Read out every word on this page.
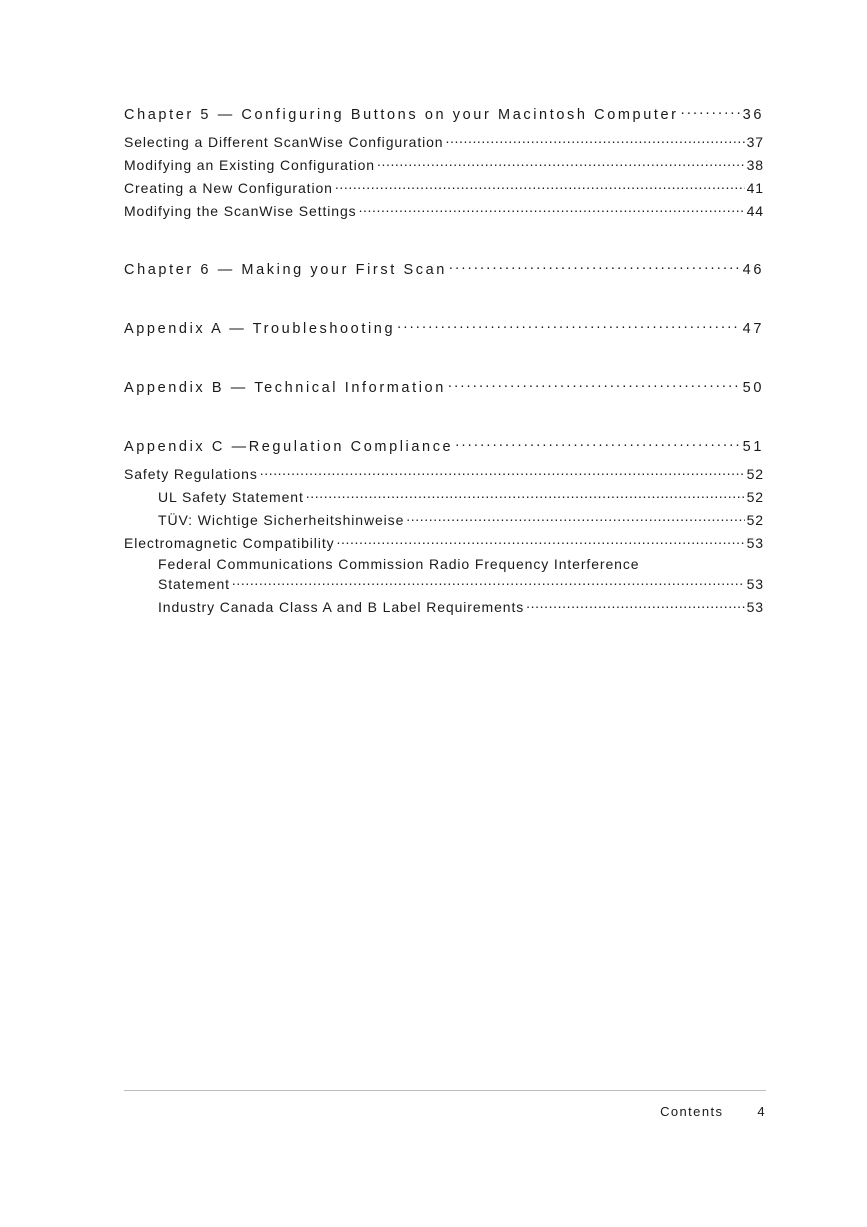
Chapter 5 — Configuring Buttons on your Macintosh Computer .....	36
Selecting a Different ScanWise Configuration .....	37
Modifying an Existing Configuration .....	38
Creating a New Configuration .....	41
Modifying the ScanWise Settings .....	44
Chapter 6 — Making your First Scan .....	46
Appendix A — Troubleshooting .....	47
Appendix B — Technical Information .....	50
Appendix C —Regulation Compliance .....	51
Safety Regulations .....	52
UL Safety Statement .....	52
TÜV: Wichtige Sicherheitshinweise .....	52
Electromagnetic Compatibility .....	53
Federal Communications Commission Radio Frequency Interference
Statement .....	53
Industry Canada Class A and B Label Requirements .....	53
Contents	4
